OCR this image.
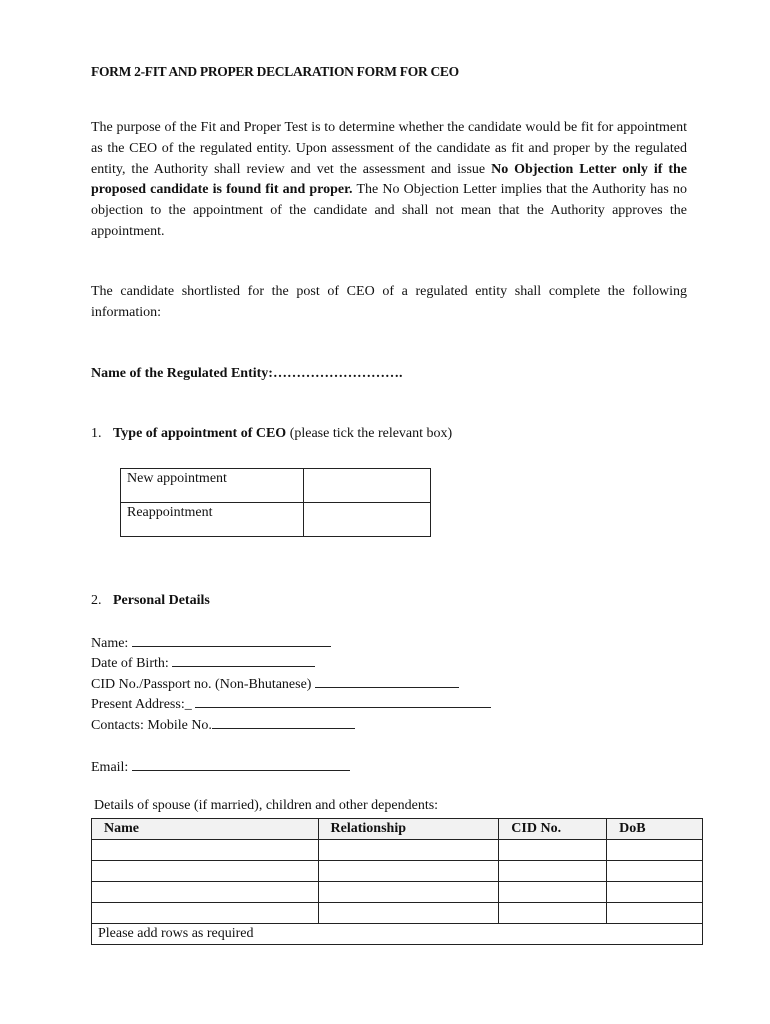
FORM 2-FIT AND PROPER DECLARATION FORM FOR CEO
The purpose of the Fit and Proper Test is to determine whether the candidate would be fit for appointment as the CEO of the regulated entity. Upon assessment of the candidate as fit and proper by the regulated entity, the Authority shall review and vet the assessment and issue No Objection Letter only if the proposed candidate is found fit and proper. The No Objection Letter implies that the Authority has no objection to the appointment of the candidate and shall not mean that the Authority approves the appointment.
The candidate shortlisted for the post of CEO of a regulated entity shall complete the following information:
Name of the Regulated Entity:……………………….
1. Type of appointment of CEO (please tick the relevant box)
New appointment	
Reappointment	
2. Personal Details
Name:
Date of Birth:
CID No./Passport no. (Non-Bhutanese)
Present Address:_
Contacts: Mobile No.
Email:
Details of spouse (if married), children and other dependents:
Name	Relationship	CID No.	DoB

Please add rows as required			
